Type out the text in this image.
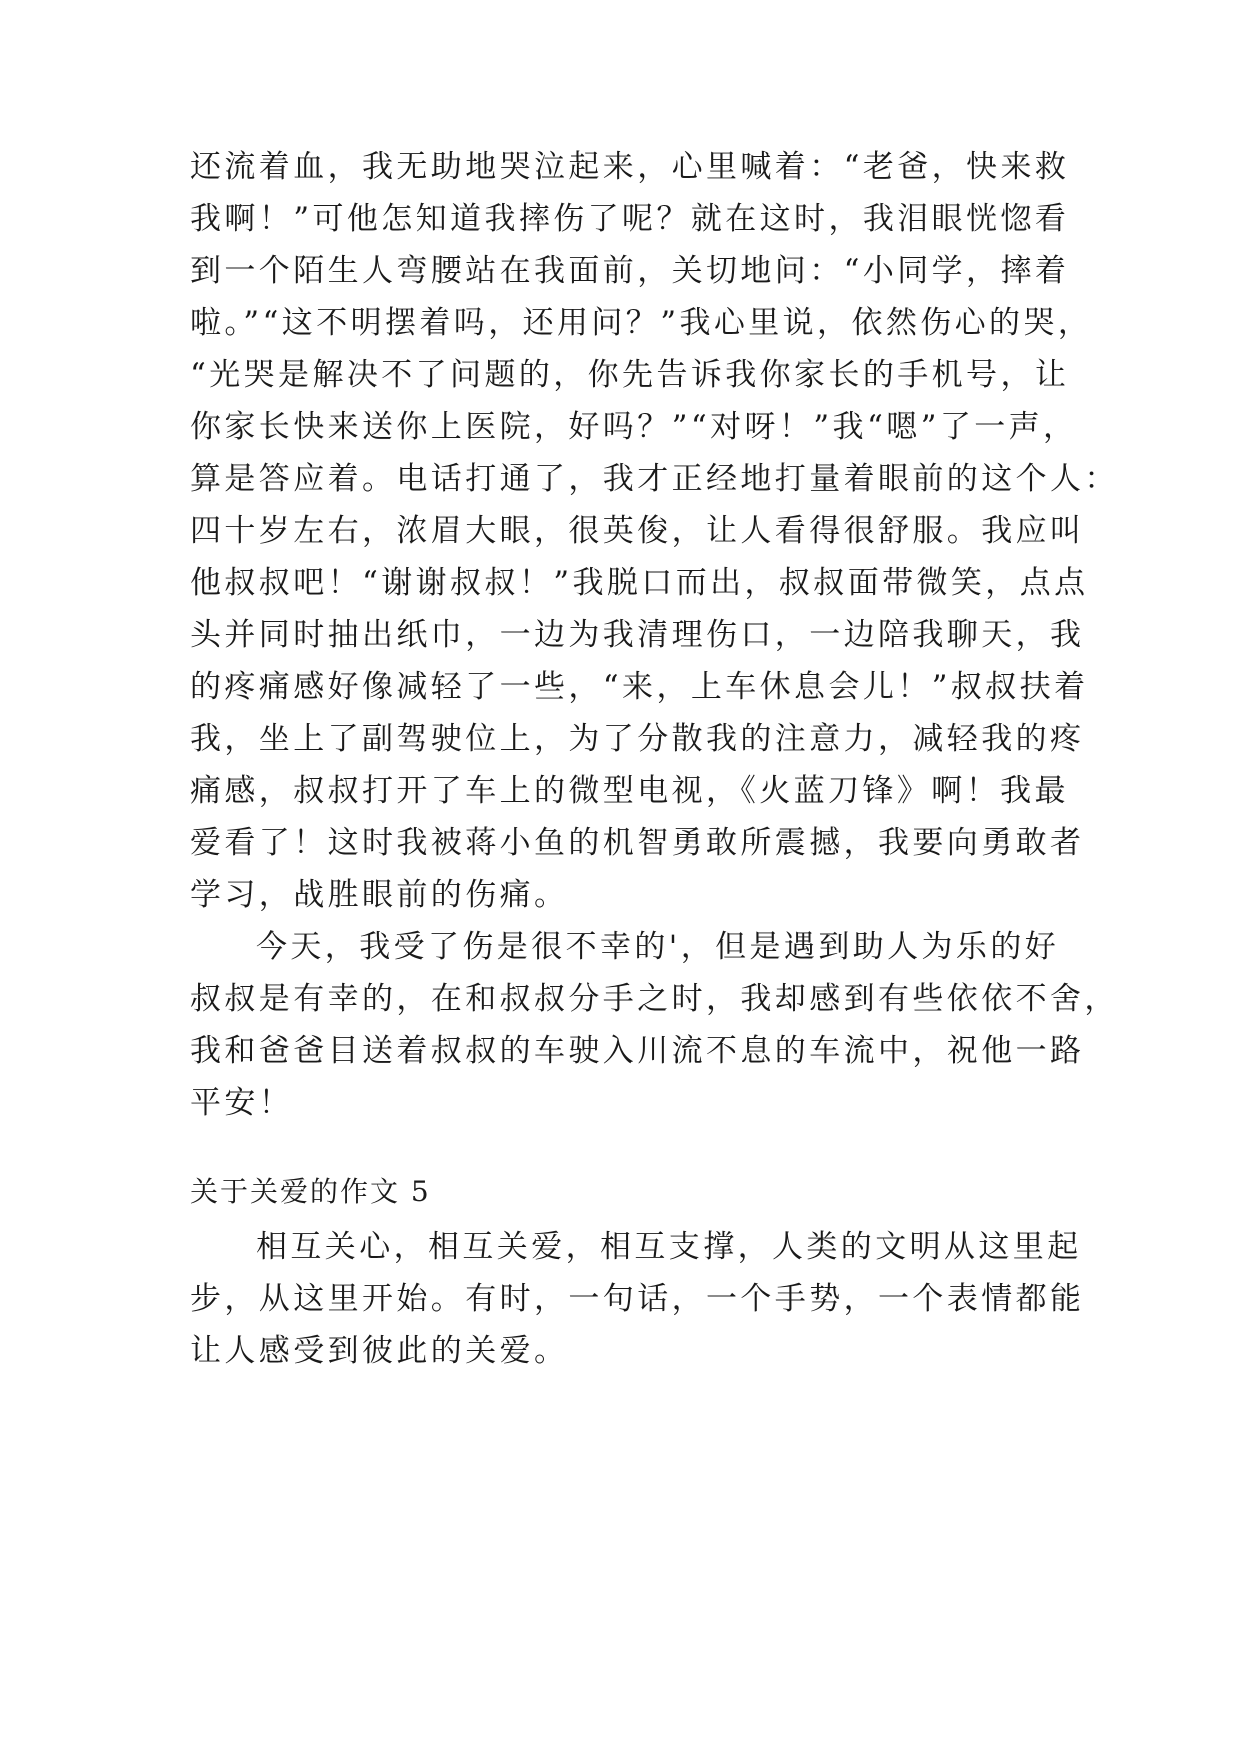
还流着血，我无助地哭泣起来，心里喊着：“老爸，快来救

我啊！”可他怎知道我摔伤了呢？就在这时，我泪眼恍惚看

到一个陌生人弯腰站在我面前，关切地问：“小同学，摔着

啦。”“这不明摆着吗，还用问？”我心里说，依然伤心的哭，

“光哭是解决不了问题的，你先告诉我你家长的手机号，让

你家长快来送你上医院，好吗？”“对呀！”我“嗯”了一声，

算是答应着。电话打通了，我才正经地打量着眼前的这个人：

四十岁左右，浓眉大眼，很英俊，让人看得很舒服。我应叫

他叔叔吧！“谢谢叔叔！”我脱口而出，叔叔面带微笑，点点

头并同时抽出纸巾，一边为我清理伤口，一边陪我聊天，我

的疼痛感好像减轻了一些，“来，上车休息会儿！”叔叔扶着

我，坐上了副驾驶位上，为了分散我的注意力，减轻我的疼

痛感，叔叔打开了车上的微型电视，《火蓝刀锋》啊！我最

爱看了！这时我被蒋小鱼的机智勇敢所震撼，我要向勇敢者

学习，战胜眼前的伤痛。

今天，我受了伤是很不幸的'，但是遇到助人为乐的好

叔叔是有幸的，在和叔叔分手之时，我却感到有些依依不舍，

我和爸爸目送着叔叔的车驶入川流不息的车流中，祝他一路

平安！

关于关爱的作文 5

相互关心，相互关爱，相互支撑，人类的文明从这里起

步，从这里开始。有时，一句话，一个手势，一个表情都能

让人感受到彼此的关爱。
